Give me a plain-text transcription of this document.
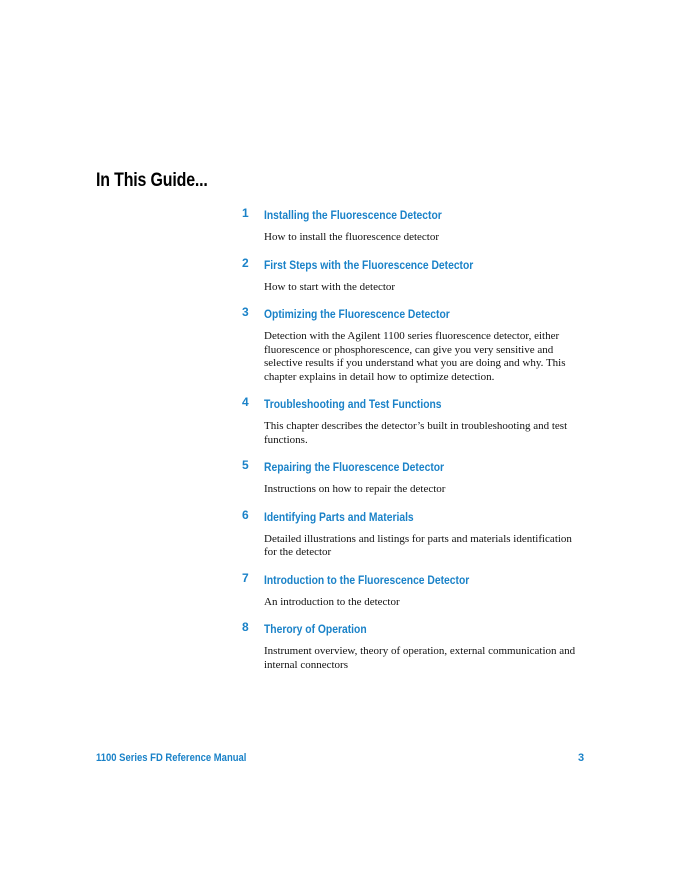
In This Guide...
1 Installing the Fluorescence Detector

How to install the fluorescence detector

2 First Steps with the Fluorescence Detector

How to start with the detector

3 Optimizing the Fluorescence Detector

Detection with the Agilent 1100 series fluorescence detector, either fluorescence or phosphorescence, can give you very sensitive and selective results if you understand what you are doing and why. This chapter explains in detail how to optimize detection.

4 Troubleshooting and Test Functions

This chapter describes the detector’s built in troubleshooting and test functions.

5 Repairing the Fluorescence Detector

Instructions on how to repair the detector

6 Identifying Parts and Materials

Detailed illustrations and listings for parts and materials identification for the detector

7 Introduction to the Fluorescence Detector

An introduction to the detector

8 Therory of Operation

Instrument overview, theory of operation, external communication and internal connectors

1100 Series FD Reference Manual	3
